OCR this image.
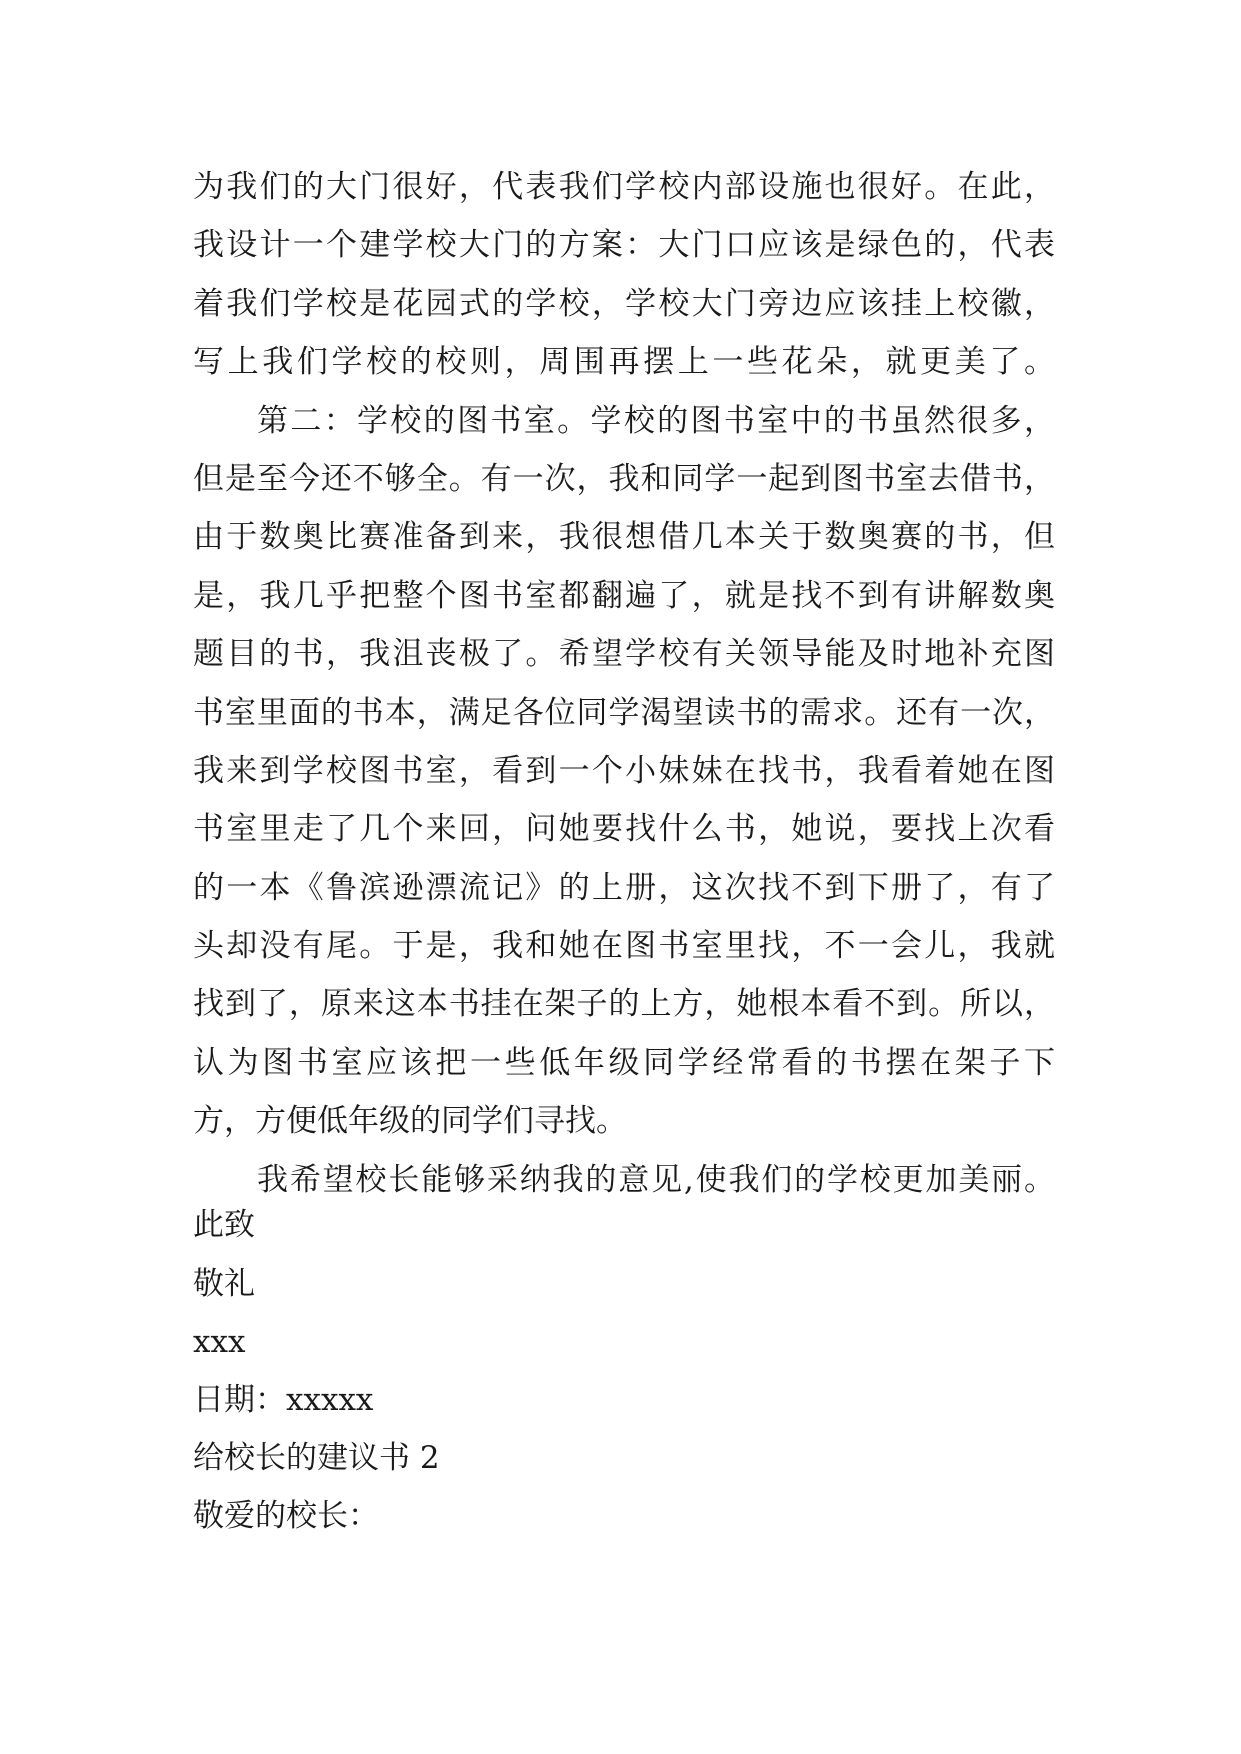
为我们的大门很好，代表我们学校内部设施也很好。在此，
我设计一个建学校大门的方案：大门口应该是绿色的，代表
着我们学校是花园式的学校，学校大门旁边应该挂上校徽，
写上我们学校的校则，周围再摆上一些花朵，就更美了。
第二：学校的图书室。学校的图书室中的书虽然很多，
但是至今还不够全。有一次，我和同学一起到图书室去借书，
由于数奥比赛准备到来，我很想借几本关于数奥赛的书，但
是，我几乎把整个图书室都翻遍了，就是找不到有讲解数奥
题目的书，我沮丧极了。希望学校有关领导能及时地补充图
书室里面的书本，满足各位同学渴望读书的需求。还有一次，
我来到学校图书室，看到一个小妹妹在找书，我看着她在图
书室里走了几个来回，问她要找什么书，她说，要找上次看
的一本《鲁滨逊漂流记》的上册，这次找不到下册了，有了
头却没有尾。于是，我和她在图书室里找，不一会儿，我就
找到了，原来这本书挂在架子的上方，她根本看不到。所以，
认为图书室应该把一些低年级同学经常看的书摆在架子下
方，方便低年级的同学们寻找。
我希望校长能够采纳我的意见,使我们的学校更加美丽。
此致
敬礼
xxx
日期：xxxxx
给校长的建议书 2
敬爱的校长：
